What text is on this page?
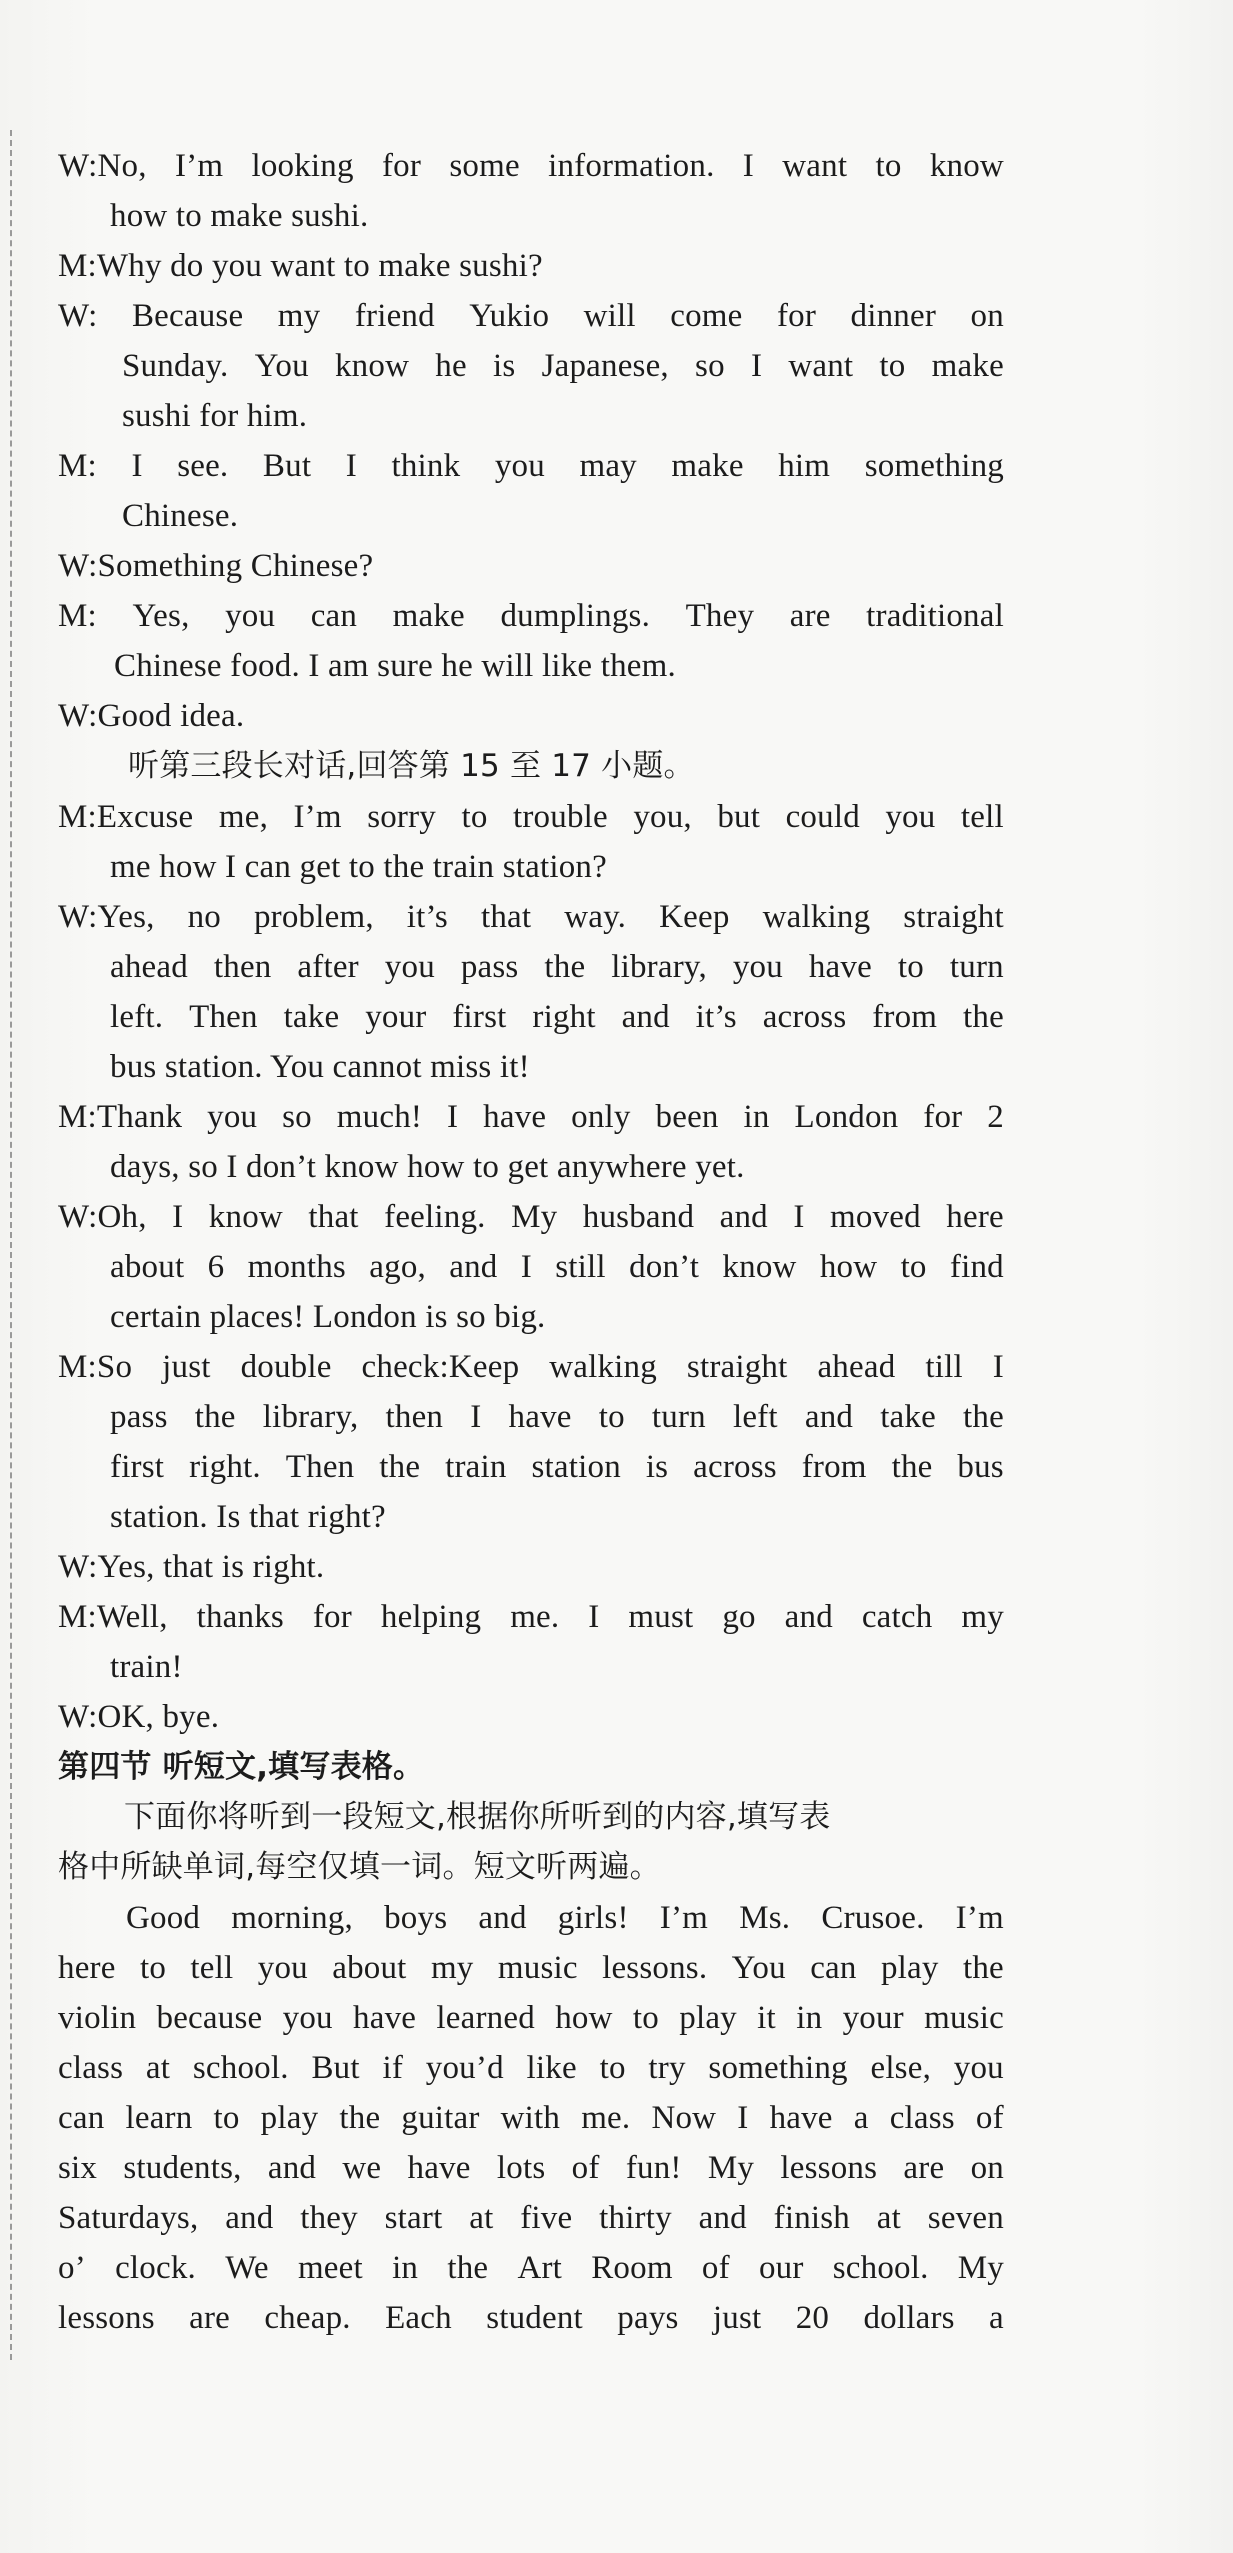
W:No, I’m looking for some information. I want to know
how to make sushi.
M:Why do you want to make sushi?
W: Because my friend Yukio will come for dinner on
Sunday. You know he is Japanese, so I want to make
sushi for him.
M: I see. But I think you may make him something
Chinese.
W:Something Chinese?
M: Yes, you can make dumplings. They are traditional
Chinese food. I am sure he will like them.
W:Good idea.
听第三段长对话,回答第 15 至 17 小题。
M:Excuse me, I’m sorry to trouble you, but could you tell
me how I can get to the train station?
W:Yes, no problem, it’s that way. Keep walking straight
ahead then after you pass the library, you have to turn
left. Then take your first right and it’s across from the
bus station. You cannot miss it!
M:Thank you so much! I have only been in London for 2
days, so I don’t know how to get anywhere yet.
W:Oh, I know that feeling. My husband and I moved here
about 6 months ago, and I still don’t know how to find
certain places! London is so big.
M:So just double check:Keep walking straight ahead till I
pass the library, then I have to turn left and take the
first right. Then the train station is across from the bus
station. Is that right?
W:Yes, that is right.
M:Well, thanks for helping me. I must go and catch my
train!
W:OK, bye.
第四节 听短文,填写表格。
下面你将听到一段短文,根据你所听到的内容,填写表
格中所缺单词,每空仅填一词。短文听两遍。
Good morning, boys and girls! I’m Ms. Crusoe. I’m
here to tell you about my music lessons. You can play the
violin because you have learned how to play it in your music
class at school. But if you’d like to try something else, you
can learn to play the guitar with me. Now I have a class of
six students, and we have lots of fun! My lessons are on
Saturdays, and they start at five thirty and finish at seven
o’ clock. We meet in the Art Room of our school. My
lessons are cheap. Each student pays just 20 dollars a
